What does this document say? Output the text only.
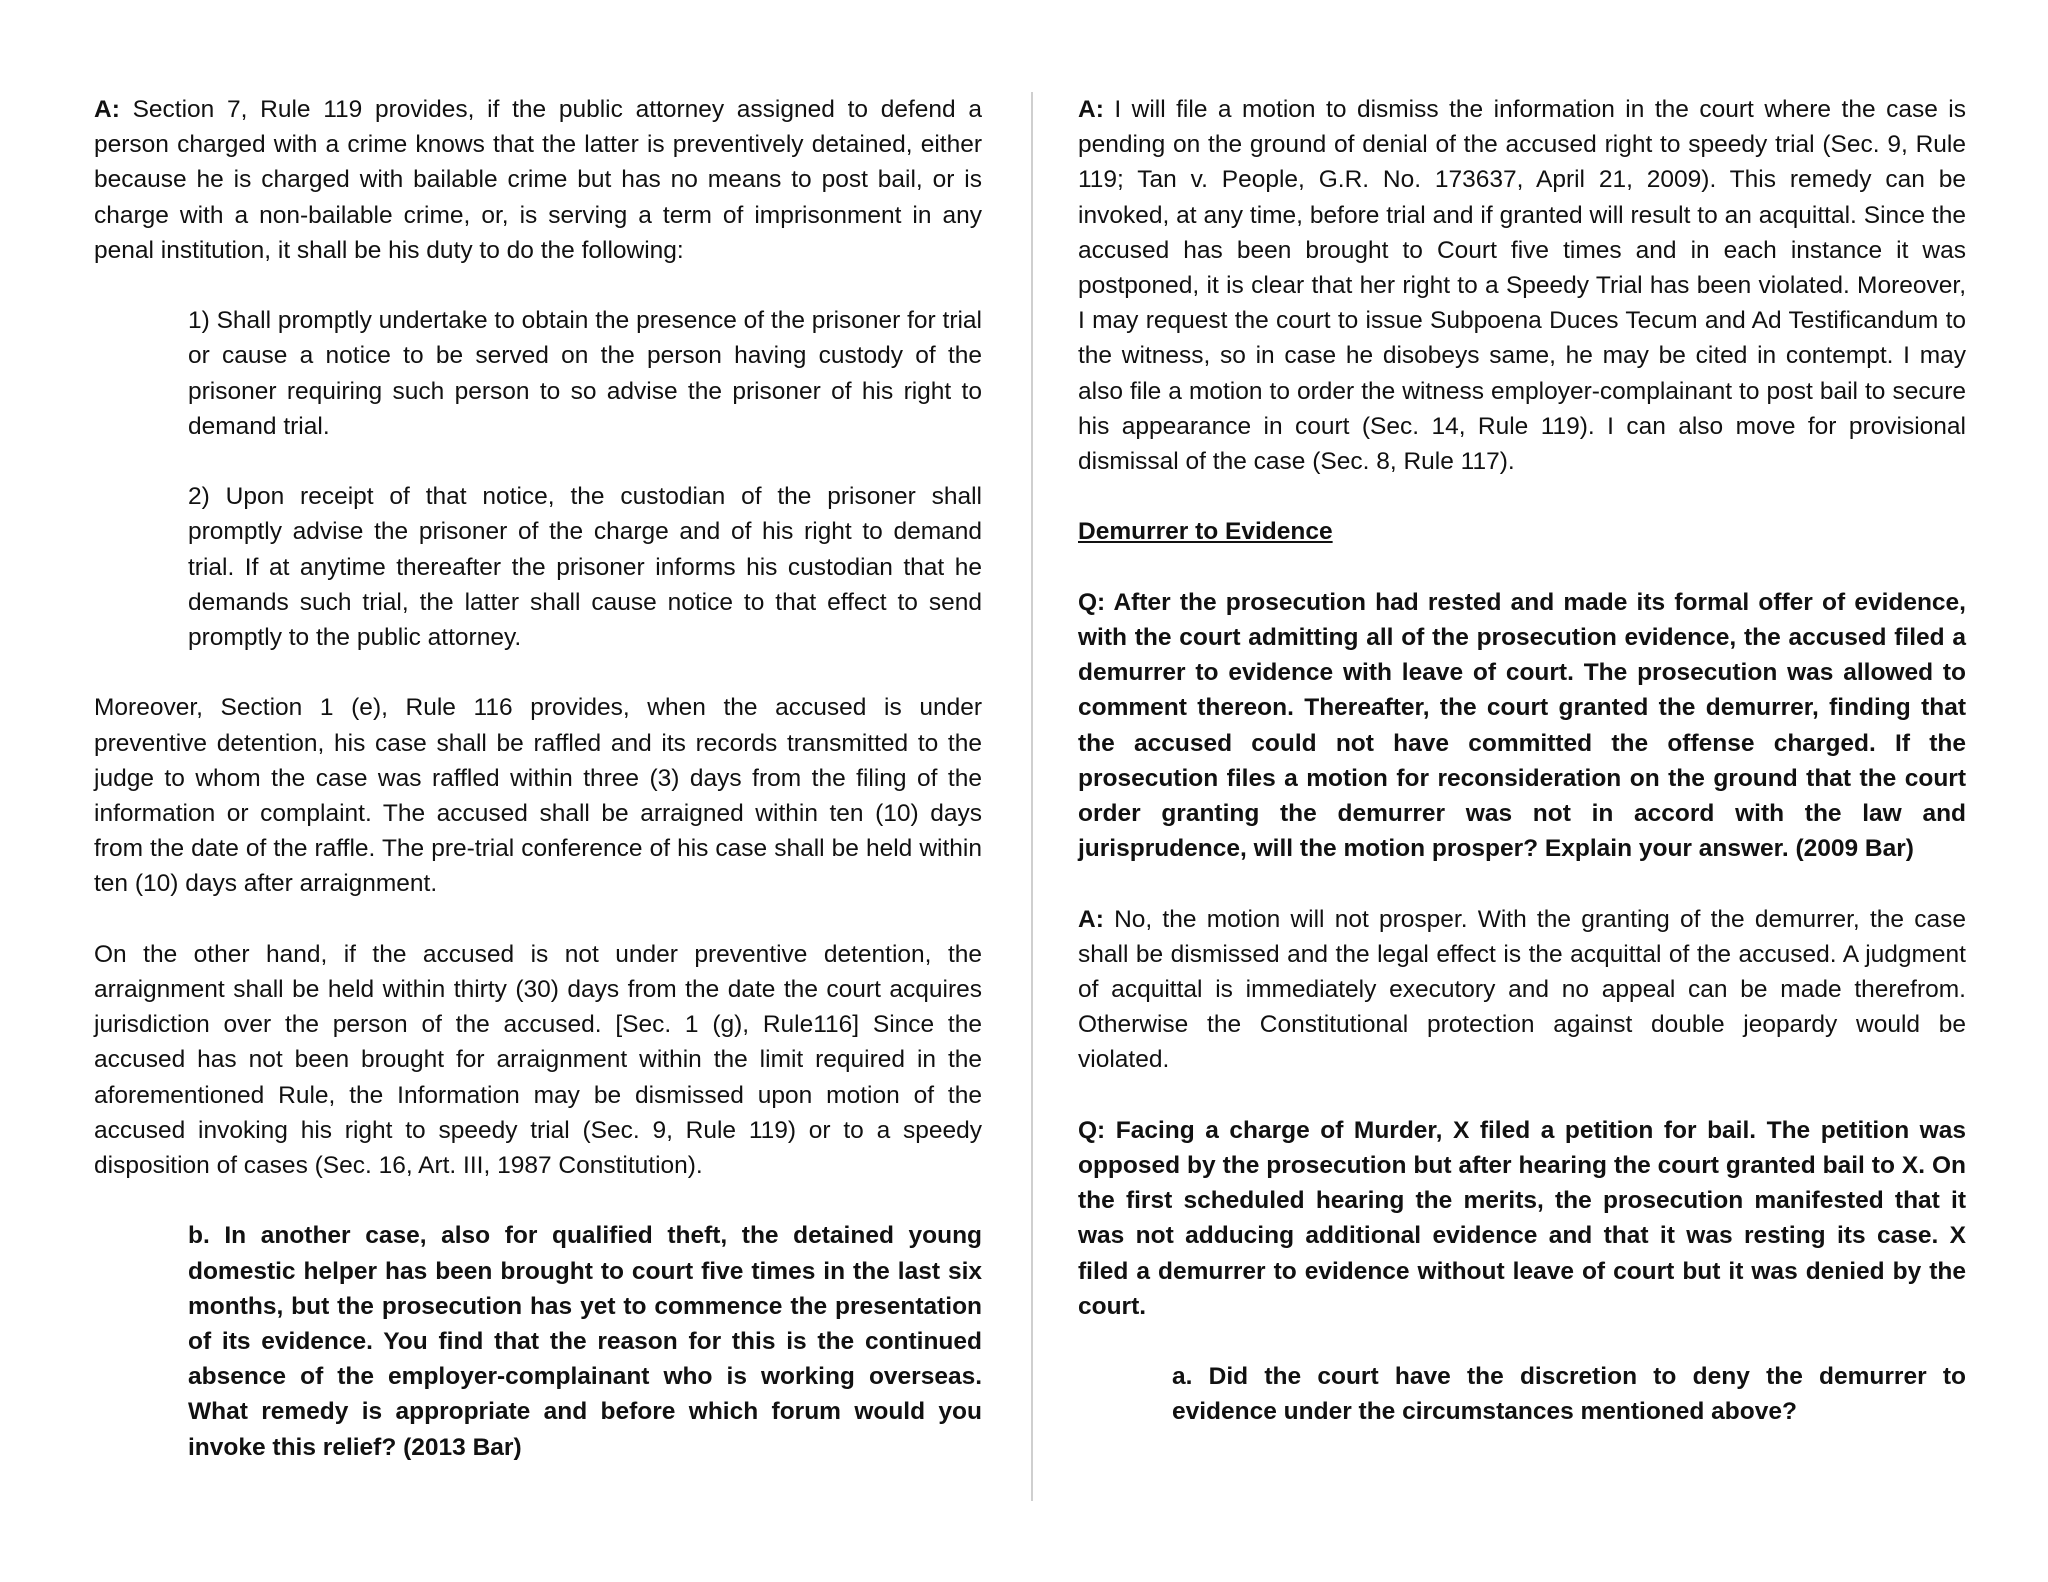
A: Section 7, Rule 119 provides, if the public attorney assigned to defend a person charged with a crime knows that the latter is preventively detained, either because he is charged with bailable crime but has no means to post bail, or is charge with a non-bailable crime, or, is serving a term of imprisonment in any penal institution, it shall be his duty to do the following:

1) Shall promptly undertake to obtain the presence of the prisoner for trial or cause a notice to be served on the person having custody of the prisoner requiring such person to so advise the prisoner of his right to demand trial.

2) Upon receipt of that notice, the custodian of the prisoner shall promptly advise the prisoner of the charge and of his right to demand trial. If at anytime thereafter the prisoner informs his custodian that he demands such trial, the latter shall cause notice to that effect to send promptly to the public attorney.

Moreover, Section 1 (e), Rule 116 provides, when the accused is under preventive detention, his case shall be raffled and its records transmitted to the judge to whom the case was raffled within three (3) days from the filing of the information or complaint. The accused shall be arraigned within ten (10) days from the date of the raffle. The pre-trial conference of his case shall be held within ten (10) days after arraignment.

On the other hand, if the accused is not under preventive detention, the arraignment shall be held within thirty (30) days from the date the court acquires jurisdiction over the person of the accused. [Sec. 1 (g), Rule116] Since the accused has not been brought for arraignment within the limit required in the aforementioned Rule, the Information may be dismissed upon motion of the accused invoking his right to speedy trial (Sec. 9, Rule 119) or to a speedy disposition of cases (Sec. 16, Art. III, 1987 Constitution).

b. In another case, also for qualified theft, the detained young domestic helper has been brought to court five times in the last six months, but the prosecution has yet to commence the presentation of its evidence. You find that the reason for this is the continued absence of the employer-complainant who is working overseas. What remedy is appropriate and before which forum would you invoke this relief? (2013 Bar)

A: I will file a motion to dismiss the information in the court where the case is pending on the ground of denial of the accused right to speedy trial (Sec. 9, Rule 119; Tan v. People, G.R. No. 173637, April 21, 2009). This remedy can be invoked, at any time, before trial and if granted will result to an acquittal. Since the accused has been brought to Court five times and in each instance it was postponed, it is clear that her right to a Speedy Trial has been violated. Moreover, I may request the court to issue Subpoena Duces Tecum and Ad Testificandum to the witness, so in case he disobeys same, he may be cited in contempt. I may also file a motion to order the witness employer-complainant to post bail to secure his appearance in court (Sec. 14, Rule 119). I can also move for provisional dismissal of the case (Sec. 8, Rule 117).

Demurrer to Evidence

Q: After the prosecution had rested and made its formal offer of evidence, with the court admitting all of the prosecution evidence, the accused filed a demurrer to evidence with leave of court. The prosecution was allowed to comment thereon. Thereafter, the court granted the demurrer, finding that the accused could not have committed the offense charged. If the prosecution files a motion for reconsideration on the ground that the court order granting the demurrer was not in accord with the law and jurisprudence, will the motion prosper? Explain your answer. (2009 Bar)

A: No, the motion will not prosper. With the granting of the demurrer, the case shall be dismissed and the legal effect is the acquittal of the accused. A judgment of acquittal is immediately executory and no appeal can be made therefrom. Otherwise the Constitutional protection against double jeopardy would be violated.

Q: Facing a charge of Murder, X filed a petition for bail. The petition was opposed by the prosecution but after hearing the court granted bail to X. On the first scheduled hearing the merits, the prosecution manifested that it was not adducing additional evidence and that it was resting its case. X filed a demurrer to evidence without leave of court but it was denied by the court.

a. Did the court have the discretion to deny the demurrer to evidence under the circumstances mentioned above?
